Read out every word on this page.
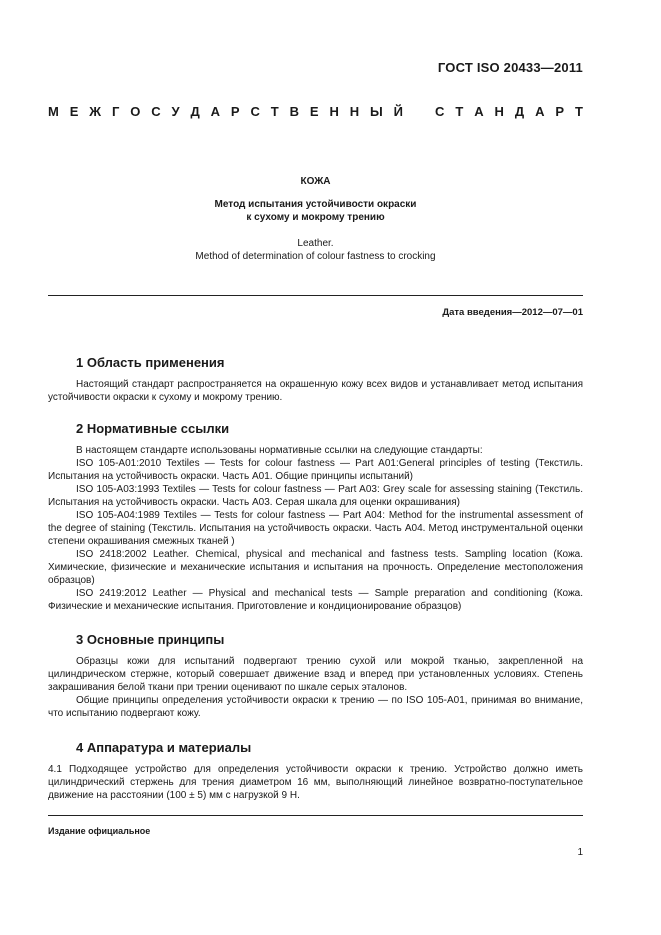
ГОСТ ISO 20433—2011
М Е Ж Г О С У Д А Р С Т В Е Н Н Ы Й С Т А Н Д А Р Т
КОЖА
Метод испытания устойчивости окраски
к сухому и мокрому трению
Leather.
Method of determination of colour fastness to crocking
Дата введения—2012—07—01
1 Область применения

Настоящий стандарт распространяется на окрашенную кожу всех видов и устанавливает метод испытания устойчивости окраски к сухому и мокрому трению.

2 Нормативные ссылки

В настоящем стандарте использованы нормативные ссылки на следующие стандарты:

ISO 105-A01:2010 Textiles — Tests for colour fastness — Part A01:General principles of testing (Текстиль. Испытания на устойчивость окраски. Часть A01. Общие принципы испытаний)

ISO 105-A03:1993 Textiles — Tests for colour fastness — Part A03: Grey scale for assessing staining (Текстиль. Испытания на устойчивость окраски. Часть A03. Серая шкала для оценки окрашивания)

ISO 105-A04:1989 Textiles — Tests for colour fastness — Part A04: Method for the instrumental assessment of the degree of staining (Текстиль. Испытания на устойчивость окраски. Часть A04. Метод инструментальной оценки степени окрашивания смежных тканей )

ISO 2418:2002 Leather. Chemical, physical and mechanical and fastness tests. Sampling location (Кожа. Химические, физические и механические испытания и испытания на прочность. Определение местоположения образцов)

ISO 2419:2012 Leather — Physical and mechanical tests — Sample preparation and conditioning (Кожа. Физические и механические испытания. Приготовление и кондиционирование образцов)

3 Основные принципы

Образцы кожи для испытаний подвергают трению сухой или мокрой тканью, закрепленной на цилиндрическом стержне, который совершает движение взад и вперед при установленных условиях. Степень закрашивания белой ткани при трении оценивают по шкале серых эталонов.

Общие принципы определения устойчивости окраски к трению — по ISO 105-A01, принимая во внимание, что испытанию подвергают кожу.

4 Аппаратура и материалы

4.1 Подходящее устройство для определения устойчивости окраски к трению. Устройство должно иметь цилиндрический стержень для трения диаметром 16 мм, выполняющий линейное возвратно-поступательное движение на расстоянии (100 ± 5) мм с нагрузкой 9 Н.

Издание официальное
1
